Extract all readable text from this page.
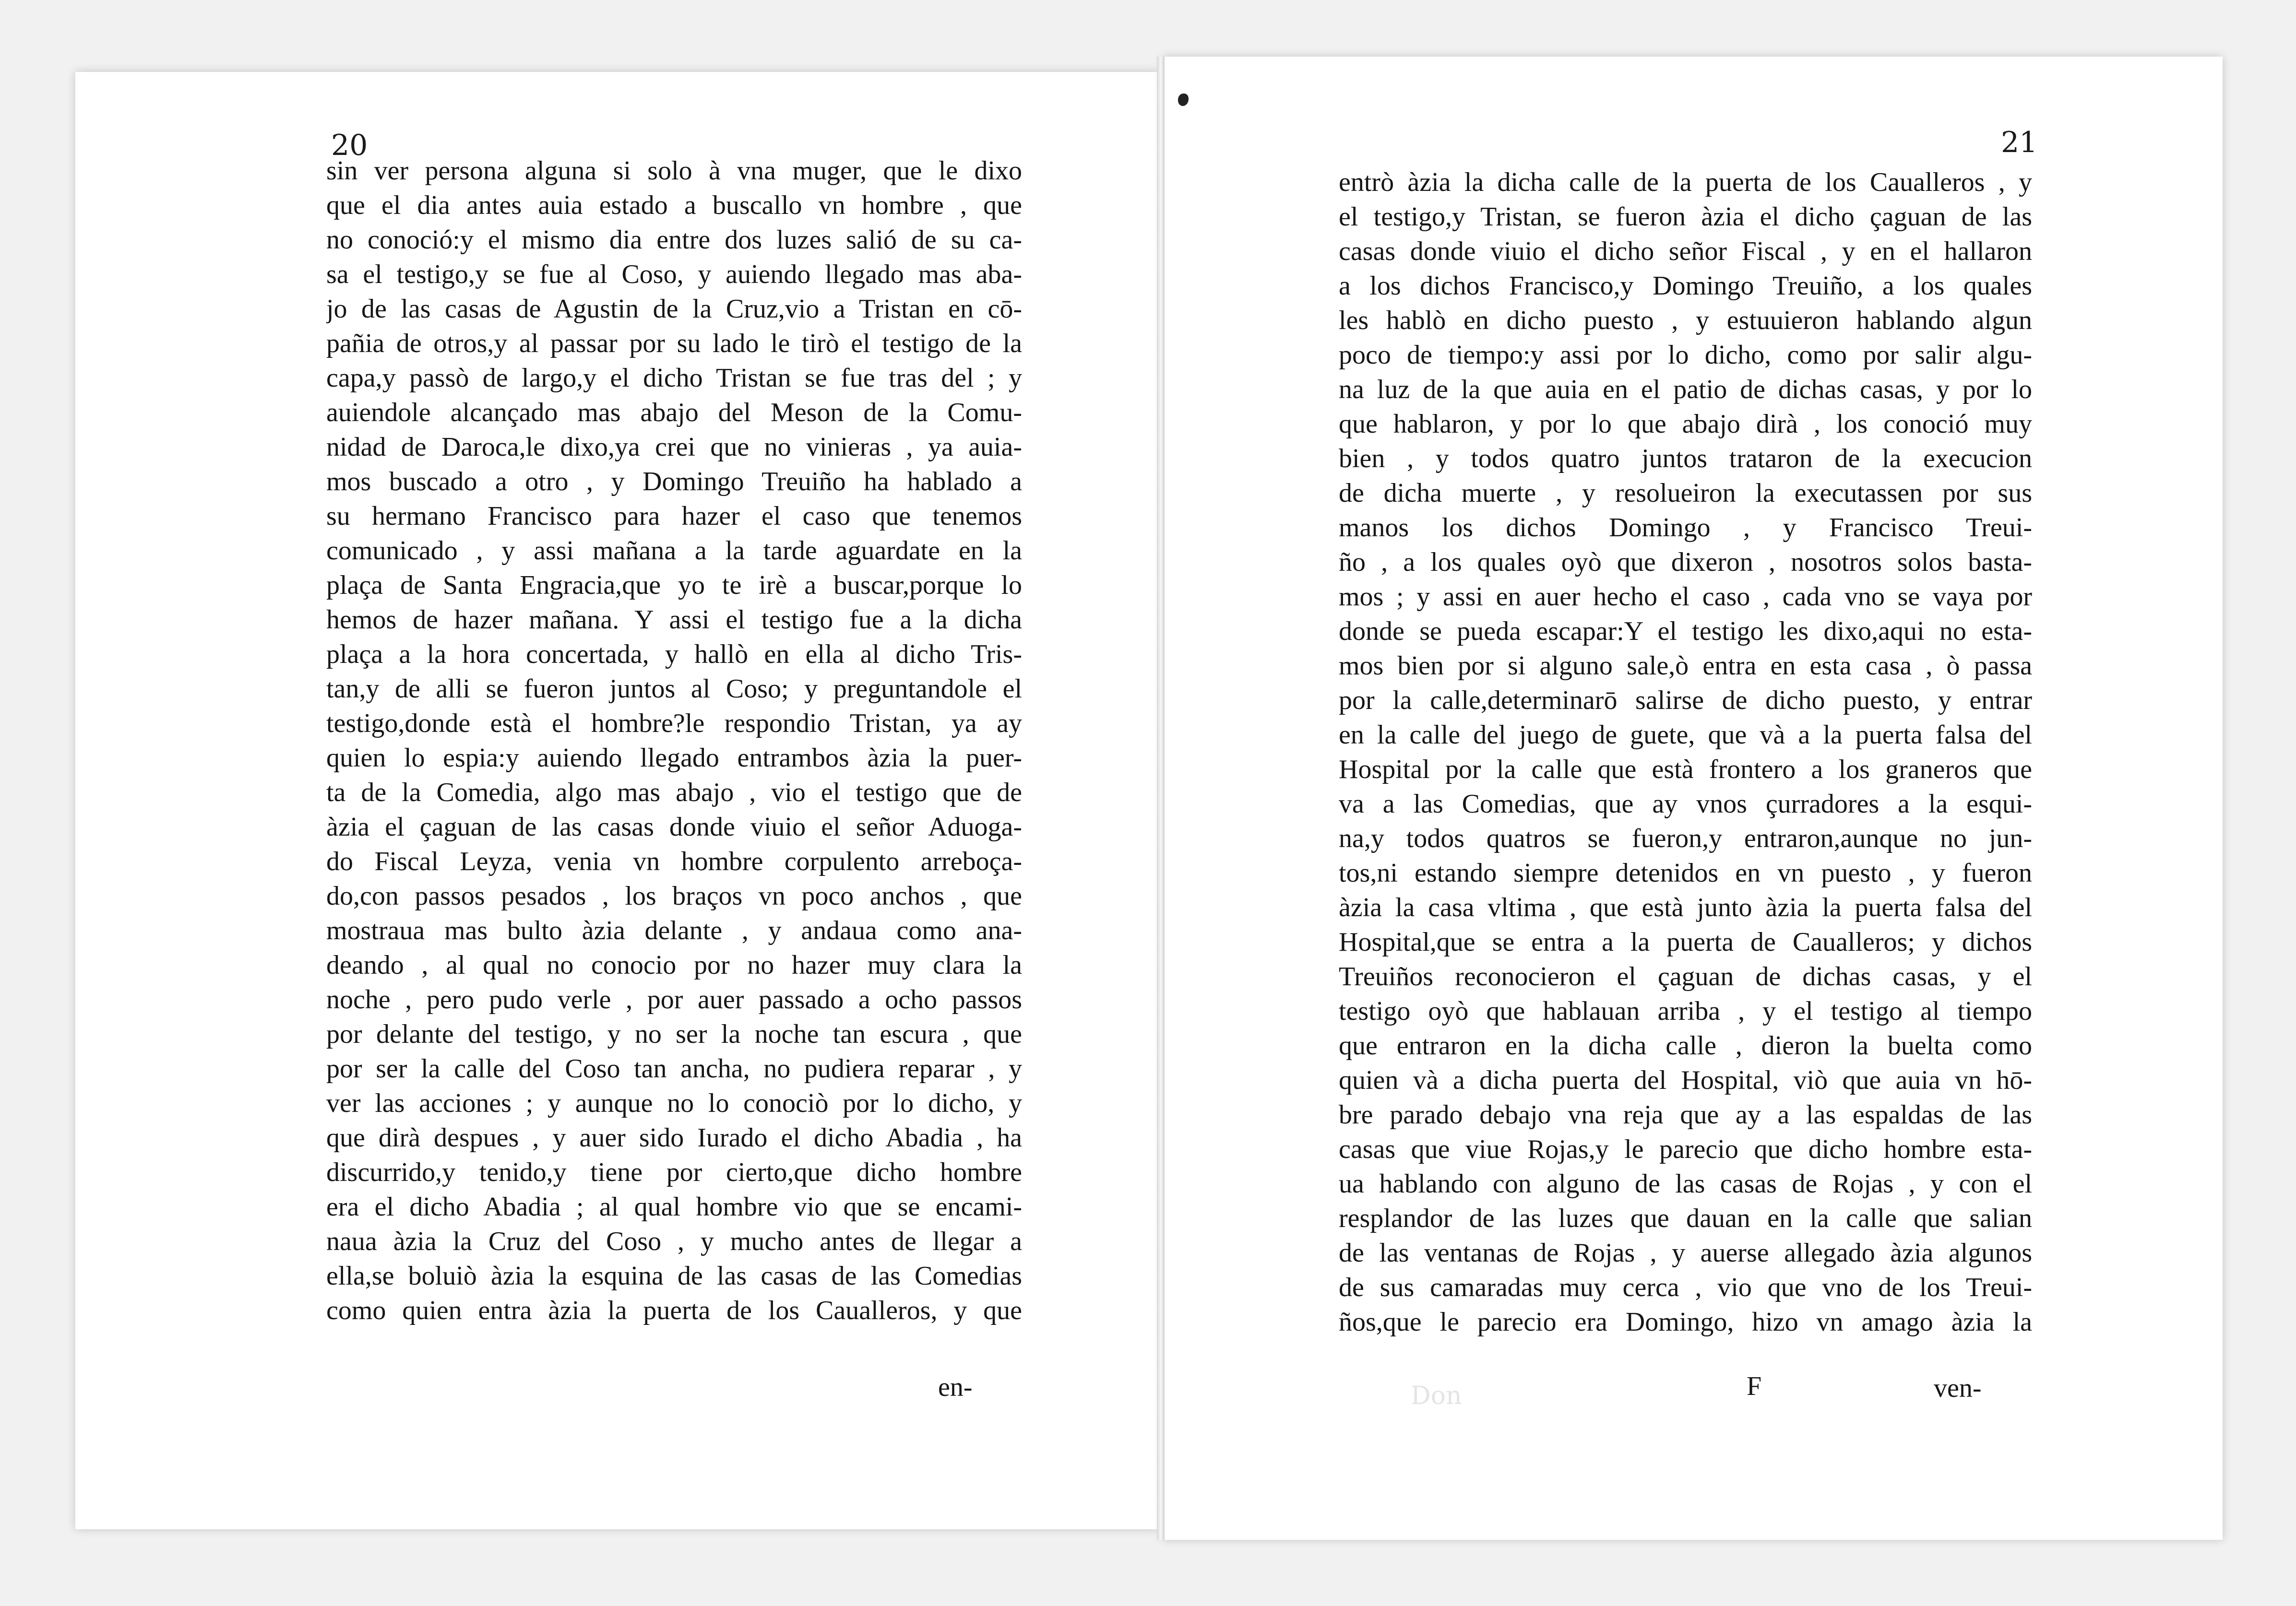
20	21
sin ver persona alguna si solo à vna muger, que le dixo
que el dia antes auia estado a buscallo vn hombre , que
no conoció:y el mismo dia entre dos luzes salió de su ca-
sa el testigo,y se fue al Coso, y auiendo llegado mas aba-
jo de las casas de Agustin de la Cruz,vio a Tristan en cō-
pañia de otros,y al passar por su lado le tirò el testigo de la
capa,y passò de largo,y el dicho Tristan se fue tras del ; y
auiendole alcançado mas abajo del Meson de la Comu-
nidad de Daroca,le dixo,ya crei que no vinieras , ya auia-
mos buscado a otro , y Domingo Treuiño ha hablado a
su hermano Francisco para hazer el caso que tenemos
comunicado , y assi mañana a la tarde aguardate en la
plaça de Santa Engracia,que yo te irè a buscar,porque lo
hemos de hazer mañana. Y assi el testigo fue a la dicha
plaça a la hora concertada, y hallò en ella al dicho Tris-
tan,y de alli se fueron juntos al Coso; y preguntandole el
testigo,donde està el hombre?le respondio Tristan, ya ay
quien lo espia:y auiendo llegado entrambos àzia la puer-
ta de la Comedia, algo mas abajo , vio el testigo que de
àzia el çaguan de las casas donde viuio el señor Aduoga-
do Fiscal Leyza, venia vn hombre corpulento arreboça-
do,con passos pesados , los braços vn poco anchos , que
mostraua mas bulto àzia delante , y andaua como ana-
deando , al qual no conocio por no hazer muy clara la
noche , pero pudo verle , por auer passado a ocho passos
por delante del testigo, y no ser la noche tan escura , que
por ser la calle del Coso tan ancha, no pudiera reparar , y
ver las acciones ; y aunque no lo conociò por lo dicho, y
que dirà despues , y auer sido Iurado el dicho Abadia , ha
discurrido,y tenido,y tiene por cierto,que dicho hombre
era el dicho Abadia ; al qual hombre vio que se encami-
naua àzia la Cruz del Coso , y mucho antes de llegar a
ella,se boluiò àzia la esquina de las casas de las Comedias
como quien entra àzia la puerta de los Caualleros, y que
entrò àzia la dicha calle de la puerta de los Caualleros , y
el testigo,y Tristan, se fueron àzia el dicho çaguan de las
casas donde viuio el dicho señor Fiscal , y en el hallaron
a los dichos Francisco,y Domingo Treuiño, a los quales
les hablò en dicho puesto , y estuuieron hablando algun
poco de tiempo:y assi por lo dicho, como por salir algu-
na luz de la que auia en el patio de dichas casas, y por lo
que hablaron, y por lo que abajo dirà , los conoció muy
bien , y todos quatro juntos trataron de la execucion
de dicha muerte , y resolueiron la executassen por sus
manos los dichos Domingo , y Francisco Treui-
ño , a los quales oyò que dixeron , nosotros solos basta-
mos ; y assi en auer hecho el caso , cada vno se vaya por
donde se pueda escapar:Y el testigo les dixo,aqui no esta-
mos bien por si alguno sale,ò entra en esta casa , ò passa
por la calle,determinarō salirse de dicho puesto, y entrar
en la calle del juego de guete, que và a la puerta falsa del
Hospital por la calle que està frontero a los graneros que
va a las Comedias, que ay vnos çurradores a la esqui-
na,y todos quatros se fueron,y entraron,aunque no jun-
tos,ni estando siempre detenidos en vn puesto , y fueron
àzia la casa vltima , que està junto àzia la puerta falsa del
Hospital,que se entra a la puerta de Caualleros; y dichos
Treuiños reconocieron el çaguan de dichas casas, y el
testigo oyò que hablauan arriba , y el testigo al tiempo
que entraron en la dicha calle , dieron la buelta como
quien và a dicha puerta del Hospital, viò que auia vn hō-
bre parado debajo vna reja que ay a las espaldas de las
casas que viue Rojas,y le parecio que dicho hombre esta-
ua hablando con alguno de las casas de Rojas , y con el
resplandor de las luzes que dauan en la calle que salian
de las ventanas de Rojas , y auerse allegado àzia algunos
de sus camaradas muy cerca , vio que vno de los Treui-
ños,que le parecio era Domingo, hizo vn amago àzia la
en-	F	ven-
Don
